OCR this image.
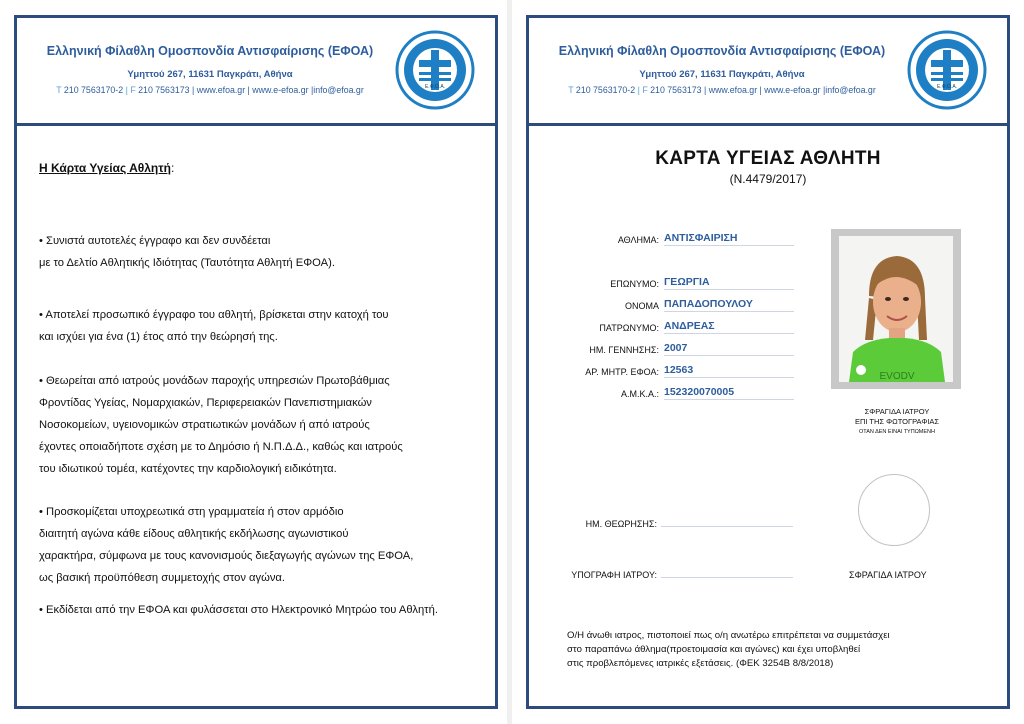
Ελληνική Φίλαθλη Ομοσπονδία Αντισφαίρισης (ΕΦΟΑ)
Υμηττού 267, 11631 Παγκράτι, Αθήνα
T 210 7563170-2 | F 210 7563173 | www.efoa.gr | www.e-efoa.gr |info@efoa.gr	Ε.Φ.Ο.Α.
Η Κάρτα Υγείας Αθλητή:
• Συνιστά αυτοτελές έγγραφο και δεν συνδέεται
με το Δελτίο Αθλητικής Ιδιότητας (Ταυτότητα Αθλητή ΕΦΟΑ).
• Αποτελεί προσωπικό έγγραφο του αθλητή, βρίσκεται στην κατοχή του
και ισχύει για ένα (1) έτος από την θεώρησή της.
• Θεωρείται από ιατρούς μονάδων παροχής υπηρεσιών Πρωτοβάθμιας
Φροντίδας Υγείας, Νομαρχιακών, Περιφερειακών Πανεπιστημιακών
Νοσοκομείων, υγειονομικών στρατιωτικών μονάδων ή από ιατρούς
έχοντες οποιαδήποτε σχέση με το Δημόσιο ή Ν.Π.Δ.Δ., καθώς και ιατρούς
του ιδιωτικού τομέα, κατέχοντες την καρδιολογική ειδικότητα.
• Προσκομίζεται υποχρεωτικά στη γραμματεία ή στον αρμόδιο
διαιτητή αγώνα κάθε είδους αθλητικής εκδήλωσης αγωνιστικού
χαρακτήρα, σύμφωνα με τους κανονισμούς διεξαγωγής αγώνων της ΕΦΟΑ,
ως βασική προϋπόθεση συμμετοχής στον αγώνα.
• Εκδίδεται από την ΕΦΟΑ και φυλάσσεται στο Ηλεκτρονικό Μητρώο του Αθλητή.
Ελληνική Φίλαθλη Ομοσπονδία Αντισφαίρισης (ΕΦΟΑ)
Υμηττού 267, 11631 Παγκράτι, Αθήνα
T 210 7563170-2 | F 210 7563173 | www.efoa.gr | www.e-efoa.gr |info@efoa.gr	Ε.Φ.Ο.Α.
ΚΑΡΤΑ ΥΓΕΙΑΣ ΑΘΛΗΤΗ
(Ν.4479/2017)
ΑΘΛΗΜΑ: ΑΝΤΙΣΦΑΙΡΙΣΗ
ΕΠΩΝΥΜΟ: ΓΕΩΡΓΙΑ
ΟΝΟΜΑ ΠΑΠΑΔΟΠΟΥΛΟΥ
ΠΑΤΡΩΝΥΜΟ: ΑΝΔΡΕΑΣ
ΗΜ. ΓΕΝΝΗΣΗΣ: 2007
ΑΡ. ΜΗΤΡ. ΕΦΟΑ: 12563
Α.Μ.Κ.Α.: 152320070005
EVODV
ΣΦΡΑΓΙΔΑ ΙΑΤΡΟΥ
ΕΠΙ ΤΗΣ ΦΩΤΟΓΡΑΦΙΑΣ
ΟΤΑΝ ΔΕΝ ΕΙΝΑΙ ΤΥΠΩΜΕΝΗ
ΗΜ. ΘΕΩΡΗΣΗΣ:
ΥΠΟΓΡΑΦΗ ΙΑΤΡΟΥ:	ΣΦΡΑΓΙΔΑ ΙΑΤΡΟΥ
Ο/Η άνωθι ιατρος, πιστοποιεί πως ο/η ανωτέρω επιτρέπεται να συμμετάσχει
στο παραπάνω άθλημα(προετοιμασία και αγώνες) και έχει υποβληθεί
στις προβλεπόμενες ιατρικές εξετάσεις. (ΦΕΚ 3254Β 8/8/2018)
